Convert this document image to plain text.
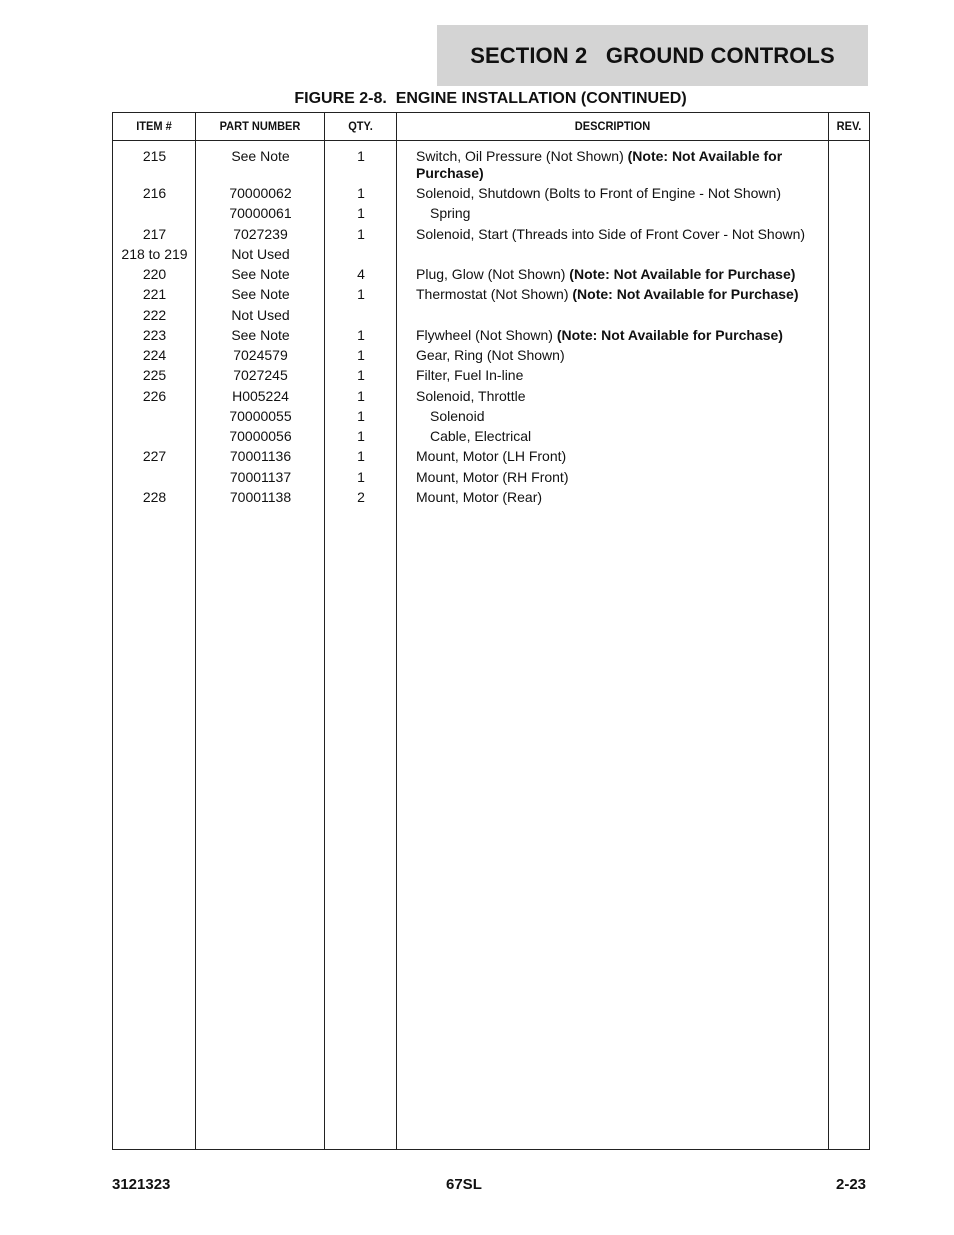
SECTION 2   GROUND CONTROLS
FIGURE 2-8.  ENGINE INSTALLATION (CONTINUED)
ITEM #	PART NUMBER	QTY.	DESCRIPTION	REV.
215	See Note	1	Switch, Oil Pressure (Not Shown) (Note: Not Available for Purchase)
216	70000062	1	Solenoid, Shutdown (Bolts to Front of Engine - Not Shown)
70000061	1	Spring
217	7027239	1	Solenoid, Start (Threads into Side of Front Cover - Not Shown)
218 to 219	Not Used
220	See Note	4	Plug, Glow (Not Shown) (Note: Not Available for Purchase)
221	See Note	1	Thermostat (Not Shown) (Note: Not Available for Purchase)
222	Not Used
223	See Note	1	Flywheel (Not Shown) (Note: Not Available for Purchase)
224	7024579	1	Gear, Ring (Not Shown)
225	7027245	1	Filter, Fuel In-line
226	H005224	1	Solenoid, Throttle
70000055	1	Solenoid
70000056	1	Cable, Electrical
227	70001136	1	Mount, Motor (LH Front)
70001137	1	Mount, Motor (RH Front)
228	70001138	2	Mount, Motor (Rear)
3121323	67SL	2-23
